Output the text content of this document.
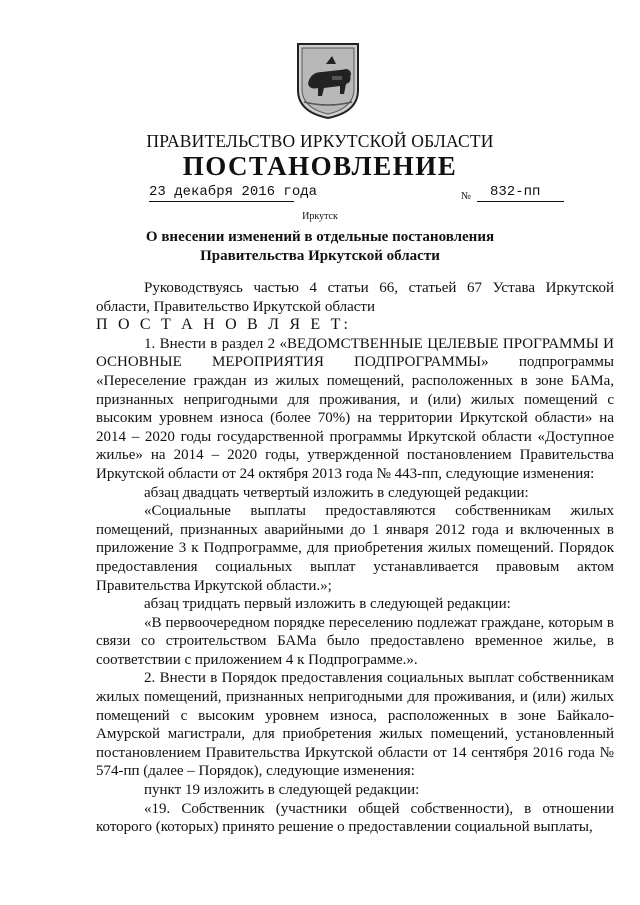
ПРАВИТЕЛЬСТВО ИРКУТСКОЙ ОБЛАСТИ
ПОСТАНОВЛЕНИЕ
23 декабря 2016 года	№	832-пп
Иркутск
О внесении изменений в отдельные постановления
Правительства Иркутской области

Руководствуясь частью 4 статьи 66, статьей 67 Устава Иркутской области, Правительство Иркутской области

П О С Т А Н О В Л Я Е Т:

1. Внести в раздел 2 «ВЕДОМСТВЕННЫЕ ЦЕЛЕВЫЕ ПРОГРАММЫ И ОСНОВНЫЕ МЕРОПРИЯТИЯ ПОДПРОГРАММЫ» подпрограммы «Переселение граждан из жилых помещений, расположенных в зоне БАМа, признанных непригодными для проживания, и (или) жилых помещений с высоким уровнем износа (более 70%) на территории Иркутской области» на 2014 – 2020 годы государственной программы Иркутской области «Доступное жилье» на 2014 – 2020 годы, утвержденной постановлением Правительства Иркутской области от 24 октября 2013 года № 443-пп, следующие изменения:

абзац двадцать четвертый изложить в следующей редакции:

«Социальные выплаты предоставляются собственникам жилых помещений, признанных аварийными до 1 января 2012 года и включенных в приложение 3 к Подпрограмме, для приобретения жилых помещений. Порядок предоставления социальных выплат устанавливается правовым актом Правительства Иркутской области.»;

абзац тридцать первый изложить в следующей редакции:

«В первоочередном порядке переселению подлежат граждане, которым в связи со строительством БАМа было предоставлено временное жилье, в соответствии с приложением 4 к Подпрограмме.».

2. Внести в Порядок предоставления социальных выплат собственникам жилых помещений, признанных непригодными для проживания, и (или) жилых помещений с высоким уровнем износа, расположенных в зоне Байкало-Амурской магистрали, для приобретения жилых помещений, установленный постановлением Правительства Иркутской области от 14 сентября 2016 года № 574-пп (далее – Порядок), следующие изменения:

пункт 19 изложить в следующей редакции:

«19. Собственник (участники общей собственности), в отношении которого (которых) принято решение о предоставлении социальной выплаты,
